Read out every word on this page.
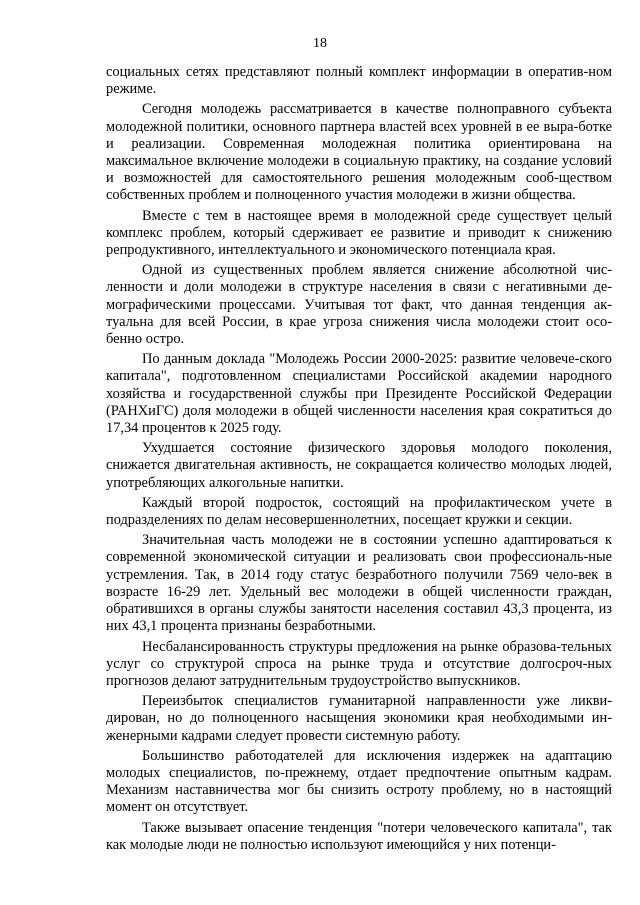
18

социальных сетях представляют полный комплект информации в оператив-ном режиме.

Сегодня молодежь рассматривается в качестве полноправного субъекта молодежной политики, основного партнера властей всех уровней в ее выра-ботке и реализации. Современная молодежная политика ориентирована на максимальное включение молодежи в социальную практику, на создание условий и возможностей для самостоятельного решения молодежным сооб-ществом собственных проблем и полноценного участия молодежи в жизни общества.

Вместе с тем в настоящее время в молодежной среде существует целый комплекс проблем, который сдерживает ее развитие и приводит к снижению репродуктивного, интеллектуального и экономического потенциала края.

Одной из существенных проблем является снижение абсолютной чис-ленности и доли молодежи в структуре населения в связи с негативными де-мографическими процессами. Учитывая тот факт, что данная тенденция ак-туальна для всей России, в крае угроза снижения числа молодежи стоит осо-бенно остро.

По данным доклада "Молодежь России 2000-2025: развитие человече-ского капитала", подготовленном специалистами Российской академии народного хозяйства и государственной службы при Президенте Российской Федерации (РАНХиГС) доля молодежи в общей численности населения края сократиться до 17,34 процентов к 2025 году.

Ухудшается состояние физического здоровья молодого поколения, снижается двигательная активность, не сокращается количество молодых людей, употребляющих алкогольные напитки.

Каждый второй подросток, состоящий на профилактическом учете в подразделениях по делам несовершеннолетних, посещает кружки и секции.

Значительная часть молодежи не в состоянии успешно адаптироваться к современной экономической ситуации и реализовать свои профессиональ-ные устремления. Так, в 2014 году статус безработного получили 7569 чело-век в возрасте 16-29 лет. Удельный вес молодежи в общей численности граждан, обратившихся в органы службы занятости населения составил 43,3 процента, из них 43,1 процента признаны безработными.

Несбалансированность структуры предложения на рынке образова-тельных услуг со структурой спроса на рынке труда и отсутствие долгосроч-ных прогнозов делают затруднительным трудоустройство выпускников.

Переизбыток специалистов гуманитарной направленности уже ликви-дирован, но до полноценного насыщения экономики края необходимыми ин-женерными кадрами следует провести системную работу.

Большинство работодателей для исключения издержек на адаптацию молодых специалистов, по-прежнему, отдает предпочтение опытным кадрам. Механизм наставничества мог бы снизить остроту проблему, но в настоящий момент он отсутствует.

Также вызывает опасение тенденция "потери человеческого капитала", так как молодые люди не полностью используют имеющийся у них потенци-
